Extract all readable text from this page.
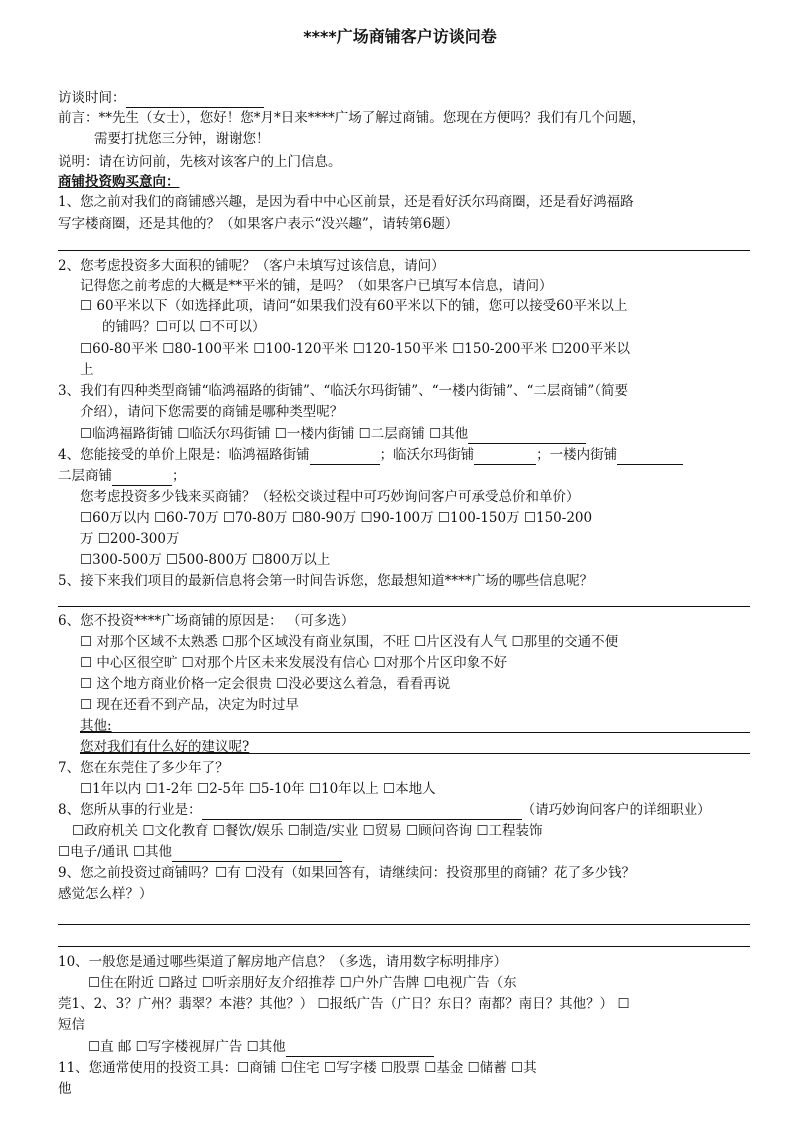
****广场商铺客户访谈问卷
访谈时间：
前言：**先生（女士），您好！您*月*日来****广场了解过商铺。您现在方便吗？我们有几个问题，
需要打扰您三分钟，谢谢您！
说明：请在访问前，先核对该客户的上门信息。
商铺投资购买意向：
1、您之前对我们的商铺感兴趣，是因为看中中心区前景，还是看好沃尔玛商圈，还是看好鸿福路
写字楼商圈，还是其他的？（如果客户表示“没兴趣”，请转第6题）
2、您考虑投资多大面积的铺呢？（客户未填写过该信息，请问）
记得您之前考虑的大概是**平米的铺，是吗？（如果客户已填写本信息，请问）
☐ 60平米以下（如选择此项，请问“如果我们没有60平米以下的铺，您可以接受60平米以上
的铺吗？☐可以 ☐不可以）
☐60-80平米 ☐80-100平米 ☐100-120平米 ☐120-150平米 ☐150-200平米 ☐200平米以
上
3、我们有四种类型商铺“临鸿福路的街铺”、“临沃尔玛街铺”、“一楼内街铺”、“二层商铺”（简要
介绍），请问下您需要的商铺是哪种类型呢？
☐临鸿福路街铺 ☐临沃尔玛街铺 ☐一楼内街铺 ☐二层商铺 ☐其他
4、您能接受的单价上限是：临鸿福路街铺	；临沃尔玛街铺	；一楼内街铺
二层商铺	；
您考虑投资多少钱来买商铺？（轻松交谈过程中可巧妙询问客户可承受总价和单价）
☐60万以内 ☐60-70万 ☐70-80万 ☐80-90万 ☐90-100万 ☐100-150万 ☐150-200
万 ☐200-300万
☐300-500万 ☐500-800万 ☐800万以上
5、接下来我们项目的最新信息将会第一时间告诉您，您最想知道****广场的哪些信息呢？
6、您不投资****广场商铺的原因是： （可多选）
☐ 对那个区域不太熟悉 ☐那个区域没有商业氛围，不旺 ☐片区没有人气 ☐那里的交通不便
☐ 中心区很空旷 ☐对那个片区未来发展没有信心 ☐对那个片区印象不好
☐ 这个地方商业价格一定会很贵 ☐没必要这么着急，看看再说
☐ 现在还看不到产品，决定为时过早
其他:
您对我们有什么好的建议呢?
7、您在东莞住了多少年了？
☐1年以内 ☐1-2年 ☐2-5年 ☐5-10年 ☐10年以上 ☐本地人
8、您所从事的行业是：	（请巧妙询问客户的详细职业）
☐政府机关 ☐文化教育 ☐餐饮/娱乐 ☐制造/实业 ☐贸易 ☐顾问咨询 ☐工程装饰
☐电子/通讯 ☐其他
9、您之前投资过商铺吗？☐有 ☐没有（如果回答有，请继续问：投资那里的商铺？花了多少钱？
感觉怎么样？）
10、一般您是通过哪些渠道了解房地产信息？（多选，请用数字标明排序）
☐住在附近 ☐路过 ☐听亲朋好友介绍推荐 ☐户外广告牌 ☐电视广告（东
莞1、2、3？广州？翡翠？本港？其他？） ☐报纸广告（广日？东日？南都？南日？其他？） ☐
短信
☐直 邮 ☐写字楼视屏广告 ☐其他
11、您通常使用的投资工具：☐商铺 ☐住宅 ☐写字楼 ☐股票 ☐基金 ☐储蓄 ☐其
他
